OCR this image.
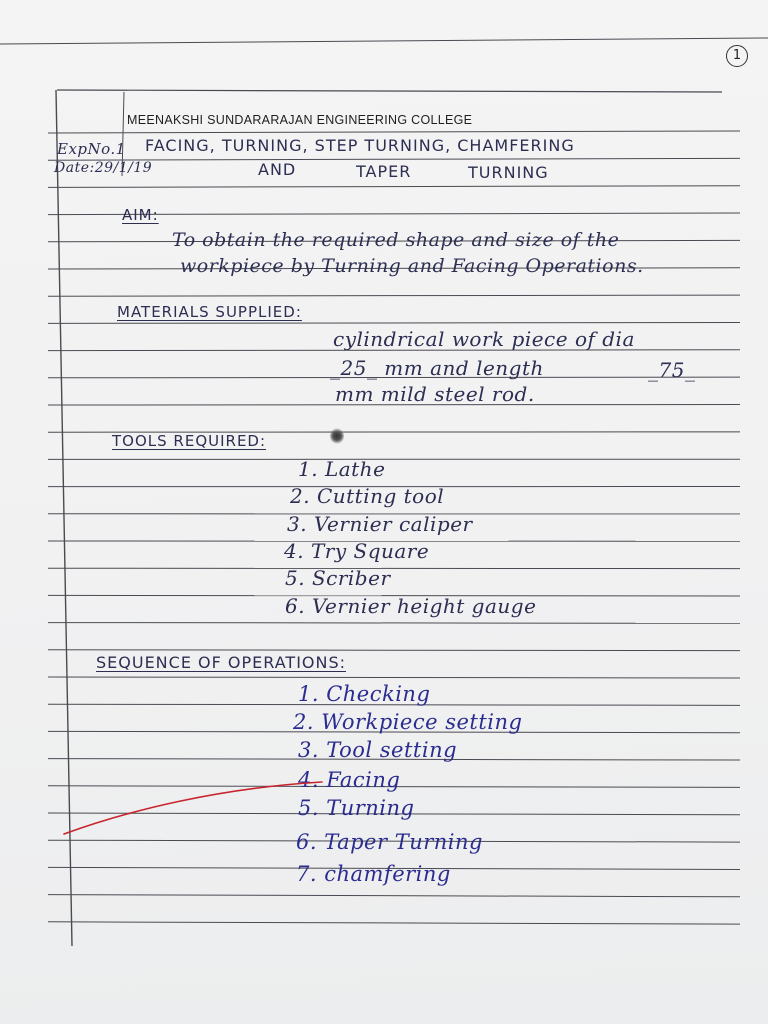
1
MEENAKSHI SUNDARARAJAN ENGINEERING COLLEGE
ExpNo.1
Date:29/1/19
FACING, TURNING, STEP TURNING, CHAMFERING
AND	TAPER	TURNING
AIM:
To obtain the required shape and size of the
workpiece by Turning and Facing Operations.
MATERIALS SUPPLIED:
cylindrical work piece of dia
_25_ mm and length	_75_
mm mild steel rod.
TOOLS REQUIRED:
1. Lathe
2. Cutting tool
3. Vernier caliper
4. Try Square
5. Scriber
6. Vernier height gauge
SEQUENCE OF OPERATIONS:
1. Checking
2. Workpiece setting
3. Tool setting
4. Facing
5. Turning
6. Taper Turning
7. chamfering
